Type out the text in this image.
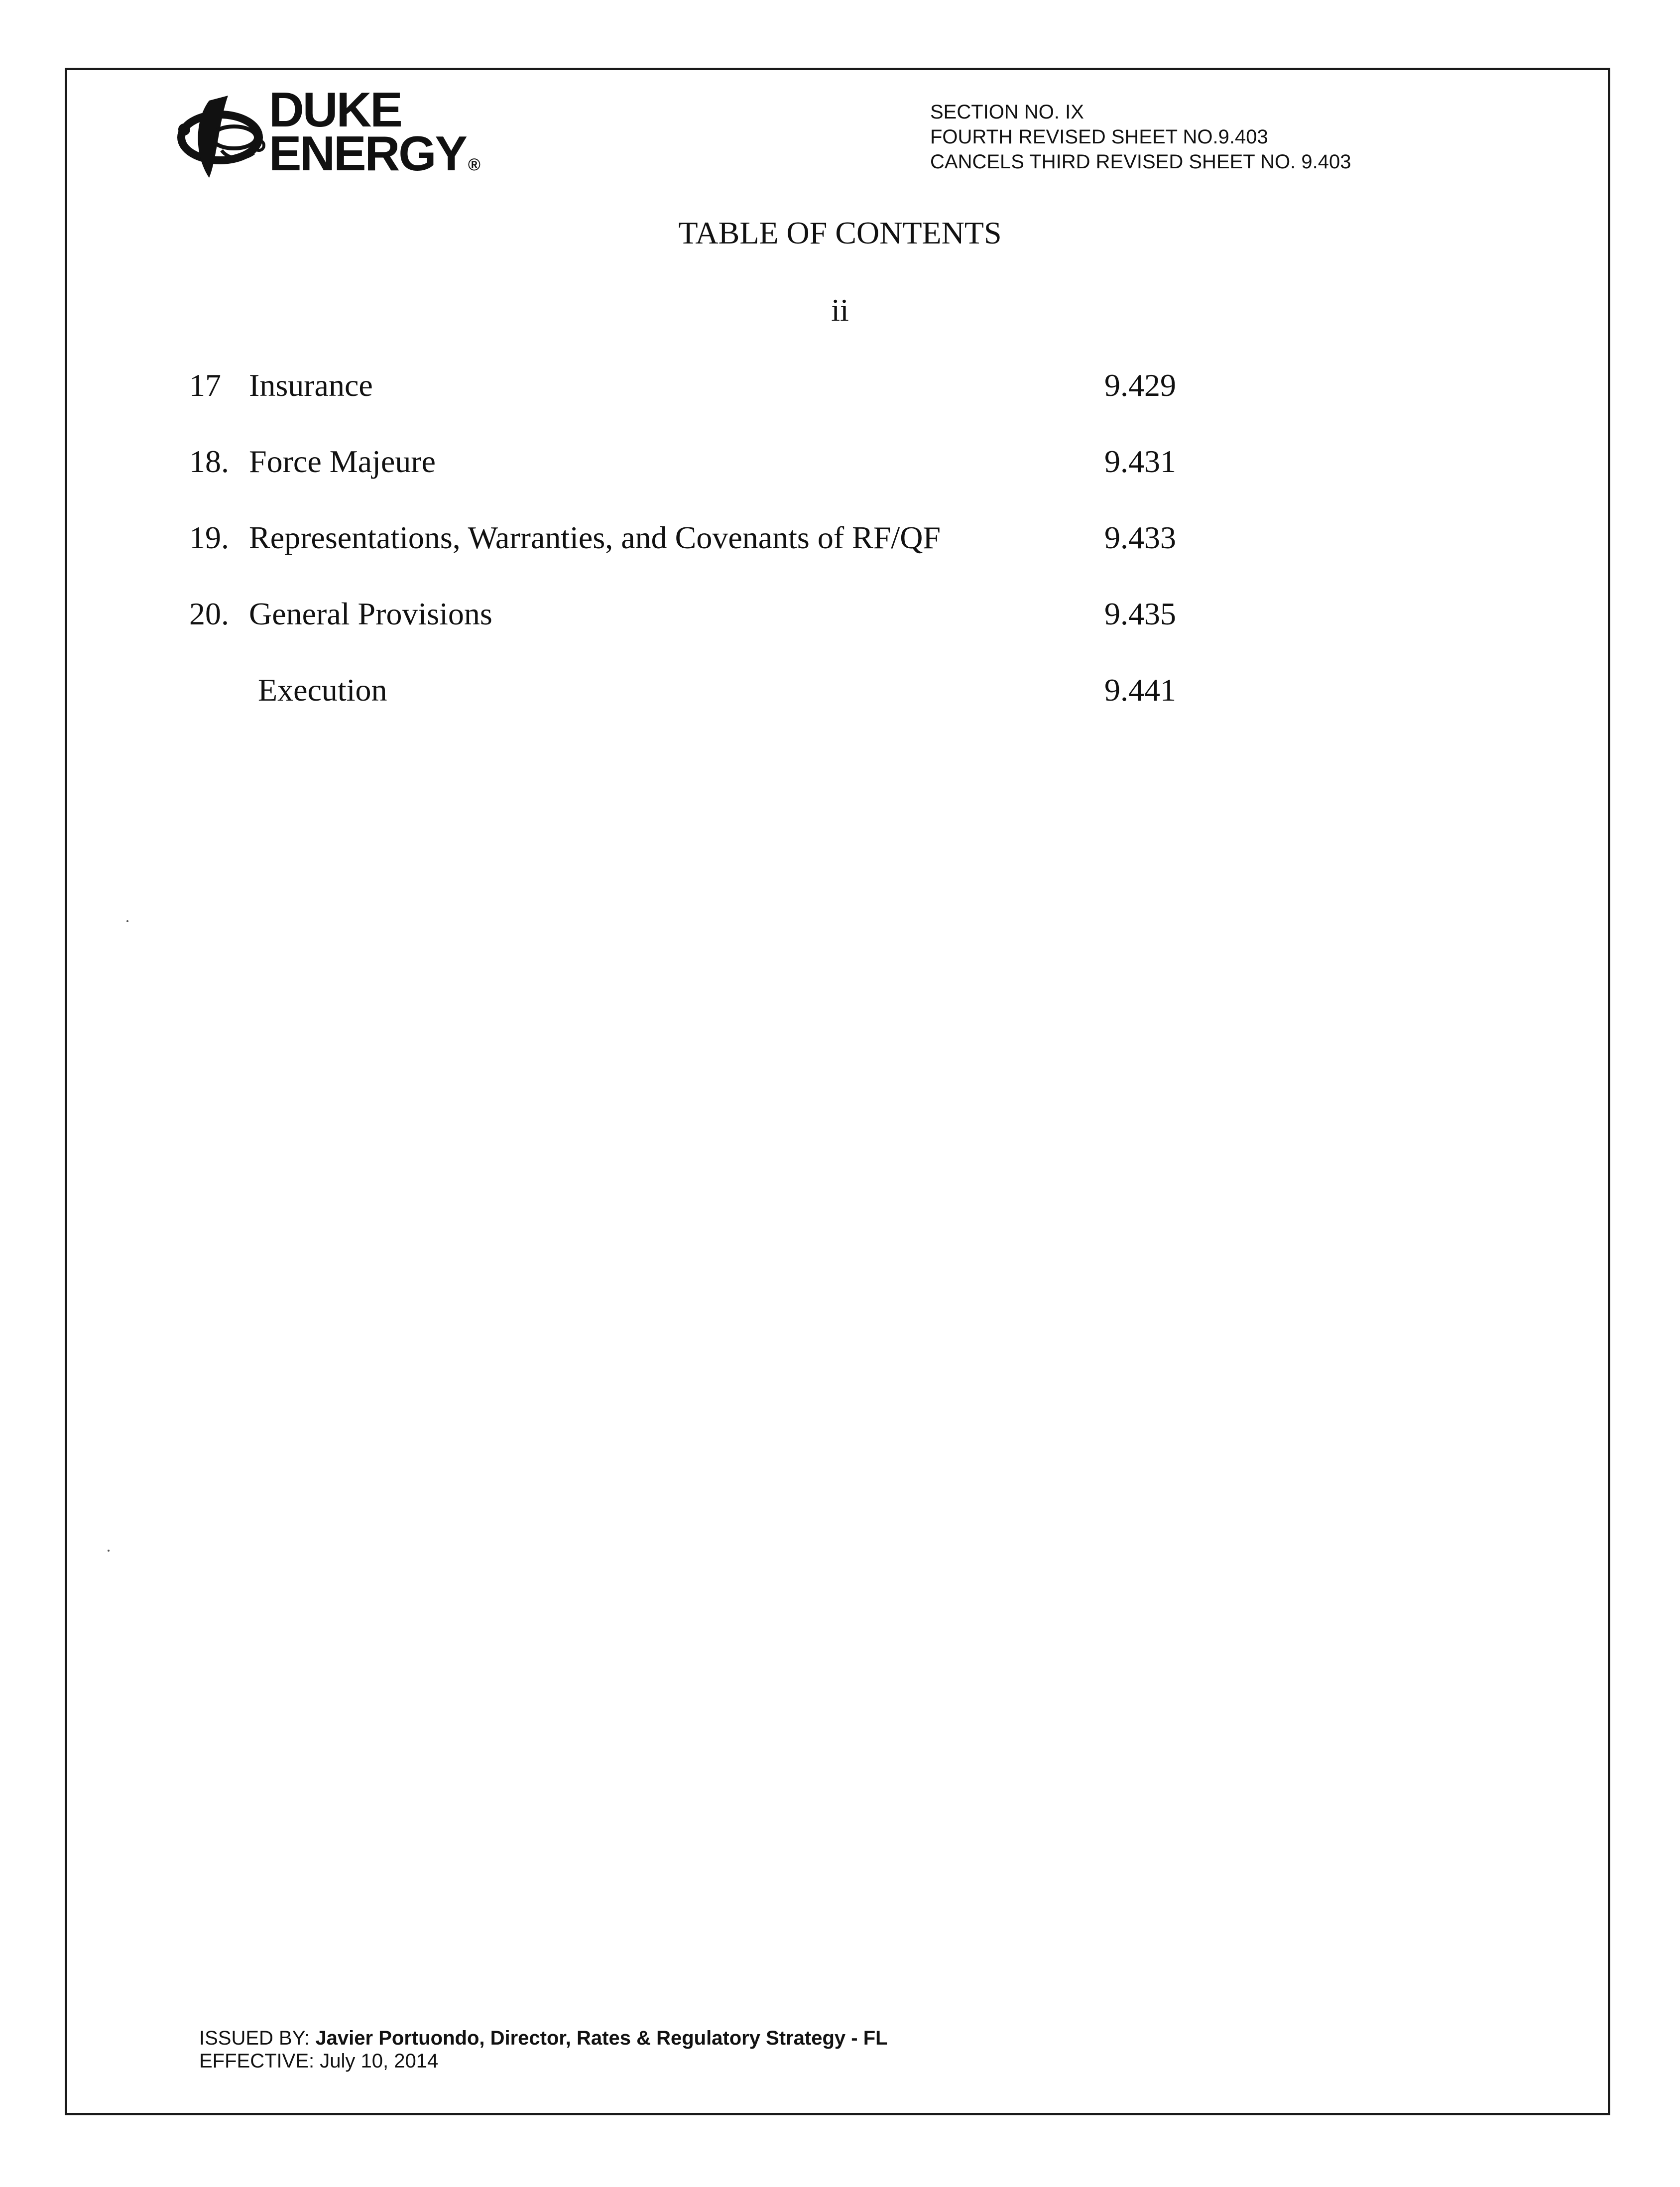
DUKE
ENERGY ®
SECTION NO. IX
FOURTH REVISED SHEET NO.9.403
CANCELS THIRD REVISED SHEET NO. 9.403
TABLE OF CONTENTS
ii
17 Insurance	9.429
18. Force Majeure	9.431
19. Representations, Warranties, and Covenants of RF/QF	9.433
20. General Provisions	9.435
Execution	9.441
ISSUED BY: Javier Portuondo, Director, Rates & Regulatory Strategy - FL
EFFECTIVE: July 10, 2014
